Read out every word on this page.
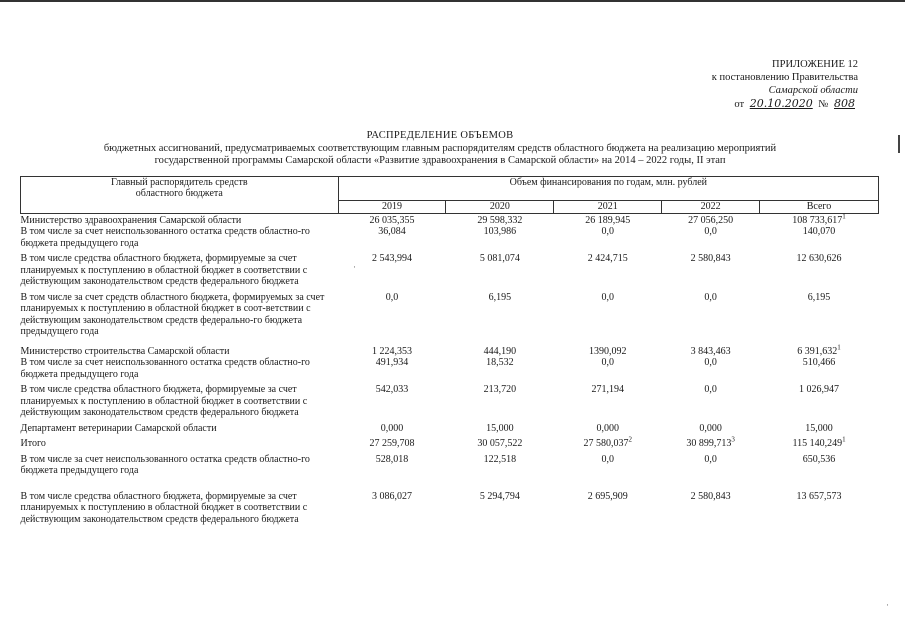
ПРИЛОЖЕНИЕ 12
к постановлению Правительства
Самарской области
от 20.10.2020 № 808
РАСПРЕДЕЛЕНИЕ ОБЪЕМОВ
бюджетных ассигнований, предусматриваемых соответствующим главным распорядителям средств областного бюджета на реализацию мероприятий
государственной программы Самарской области «Развитие здравоохранения в Самарской области» на 2014 – 2022 годы, II этап
Главный распорядитель средств
областного бюджета	Объем финансирования по годам, млн. рублей				
	2019	2020	2021	2022	Всего
Министерство здравоохранения Самарской области	26 035,355	29 598,332	26 189,945	27 056,250	108 733,617$^1$
В том числе за счет неиспользованного остатка средств областно-го бюджета предыдущего года	36,084	103,986	0,0	0,0	140,070
В том числе средства областного бюджета, формируемые за счет планируемых к поступлению в областной бюджет в соответствии с действующим законодательством средств федерального бюджета	2 543,994	5 081,074	2 424,715	2 580,843	12 630,626
В том числе за счет средств областного бюджета, формируемых за счет планируемых к поступлению в областной бюджет в соот-ветствии с действующим законодательством средств федерально-го бюджета предыдущего года	0,0	6,195	0,0	0,0	6,195
Министерство строительства Самарской области	1 224,353	444,190	1390,092	3 843,463	6 391,632$^1$
В том числе за счет неиспользованного остатка средств областно-го бюджета предыдущего года	491,934	18,532	0,0	0,0	510,466
В том числе средства областного бюджета, формируемые за счет планируемых к поступлению в областной бюджет в соответствии с действующим законодательством средств федерального бюджета	542,033	213,720	271,194	0,0	1 026,947
Департамент ветеринарии Самарской области	0,000	15,000	0,000	0,000	15,000
Итого	27 259,708	30 057,522	27 580,037$^2$	30 899,713$^3$	115 140,249$^1$
В том числе за счет неиспользованного остатка средств областно-го бюджета предыдущего года	528,018	122,518	0,0	0,0	650,536
В том числе средства областного бюджета, формируемые за счет планируемых к поступлению в областной бюджет в соответствии с действующим законодательством средств федерального бюджета	3 086,027	5 294,794	2 695,909	2 580,843	13 657,573
·
·
